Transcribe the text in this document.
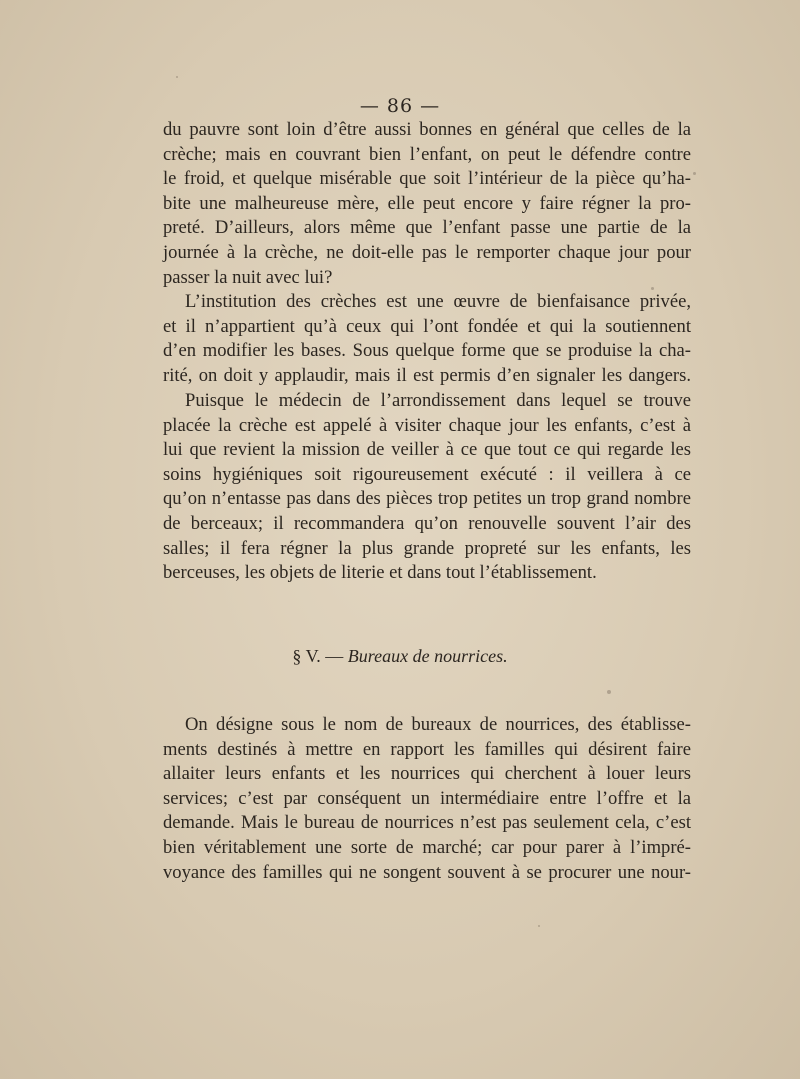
— 86 —
du pauvre sont loin d’être aussi bonnes en général que celles de la
crèche; mais en couvrant bien l’enfant, on peut le défendre contre
le froid, et quelque misérable que soit l’intérieur de la pièce qu’ha-
bite une malheureuse mère, elle peut encore y faire régner la pro-
preté. D’ailleurs, alors même que l’enfant passe une partie de la
journée à la crèche, ne doit-elle pas le remporter chaque jour pour
passer la nuit avec lui?
L’institution des crèches est une œuvre de bienfaisance privée,
et il n’appartient qu’à ceux qui l’ont fondée et qui la soutiennent
d’en modifier les bases. Sous quelque forme que se produise la cha-
rité, on doit y applaudir, mais il est permis d’en signaler les dangers.
Puisque le médecin de l’arrondissement dans lequel se trouve
placée la crèche est appelé à visiter chaque jour les enfants, c’est à
lui que revient la mission de veiller à ce que tout ce qui regarde les
soins hygiéniques soit rigoureusement exécuté : il veillera à ce
qu’on n’entasse pas dans des pièces trop petites un trop grand nombre
de berceaux; il recommandera qu’on renouvelle souvent l’air des
salles; il fera régner la plus grande propreté sur les enfants, les
berceuses, les objets de literie et dans tout l’établissement.
§ V. — Bureaux de nourrices.
On désigne sous le nom de bureaux de nourrices, des établisse-
ments destinés à mettre en rapport les familles qui désirent faire
allaiter leurs enfants et les nourrices qui cherchent à louer leurs
services; c’est par conséquent un intermédiaire entre l’offre et la
demande. Mais le bureau de nourrices n’est pas seulement cela, c’est
bien véritablement une sorte de marché; car pour parer à l’impré-
voyance des familles qui ne songent souvent à se procurer une nour-
